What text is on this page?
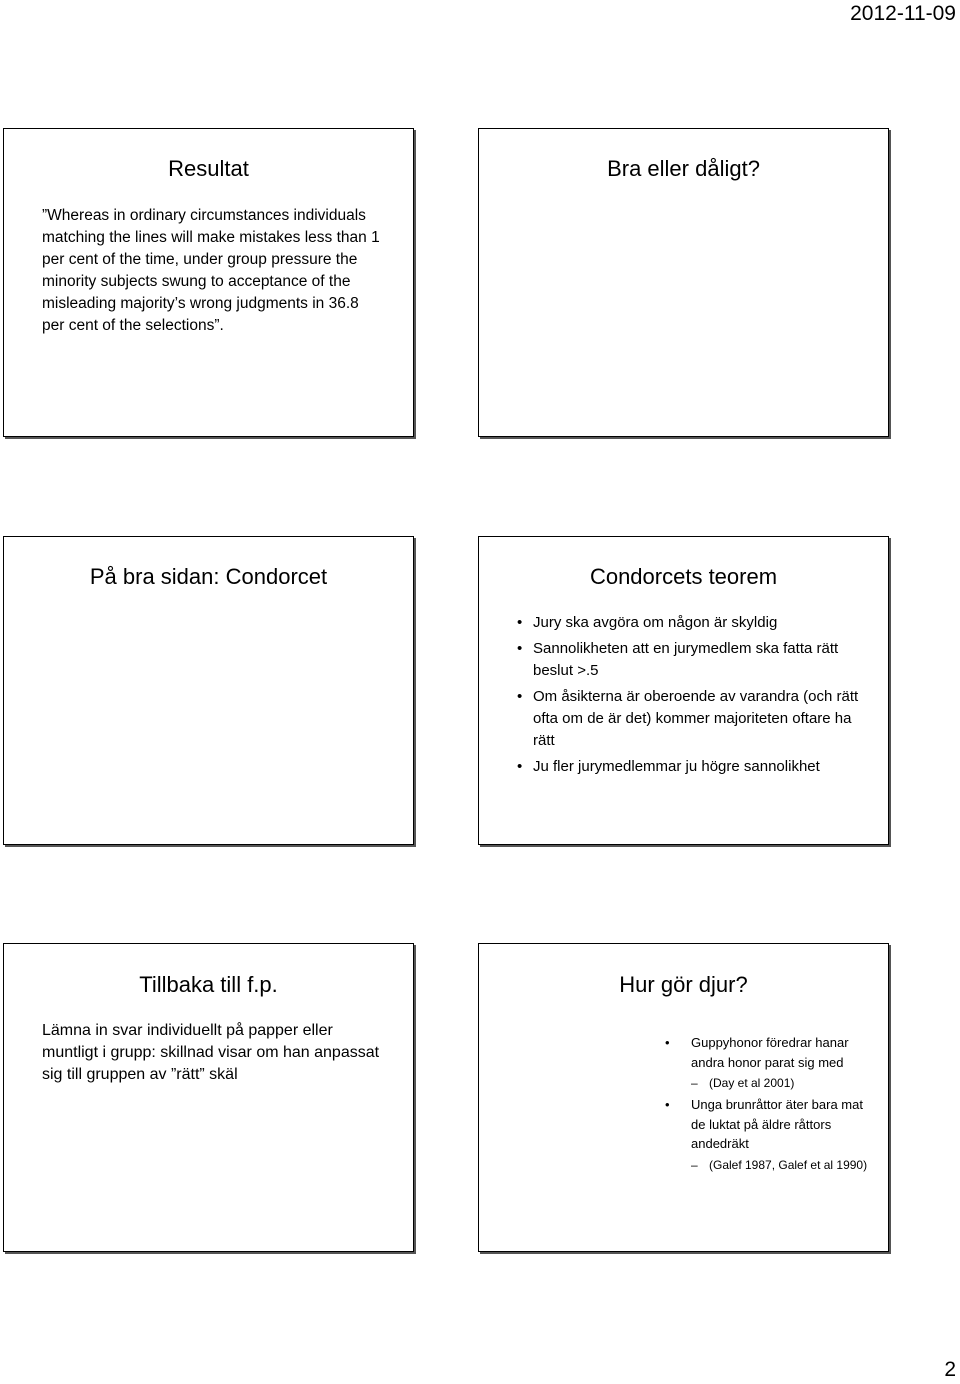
2012-11-09
Resultat

”Whereas in ordinary circumstances individuals matching the lines will make mistakes less than 1 per cent of the time, under group pressure the minority subjects swung to acceptance of the misleading majority’s wrong judgments in 36.8 per cent of the selections”.

Bra eller dåligt?
På bra sidan: Condorcet	Condorcets teorem
• Jury ska avgöra om någon är skyldig
• Sannolikheten att en jurymedlem ska fatta rätt beslut >.5
• Om åsikterna är oberoende av varandra (och rätt ofta om de är det) kommer majoriteten oftare ha rätt
• Ju fler jurymedlemmar ju högre sannolikhet
Tillbaka till f.p.

Lämna in svar individuellt på papper eller muntligt i grupp: skillnad visar om han anpassat sig till gruppen av ”rätt” skäl

Hur gör djur?
• Guppyhonor föredrar hanar andra honor parat sig med
– (Day et al 2001)
• Unga brunråttor äter bara mat de luktat på äldre råttors andedräkt
– (Galef 1987, Galef et al 1990)
2
